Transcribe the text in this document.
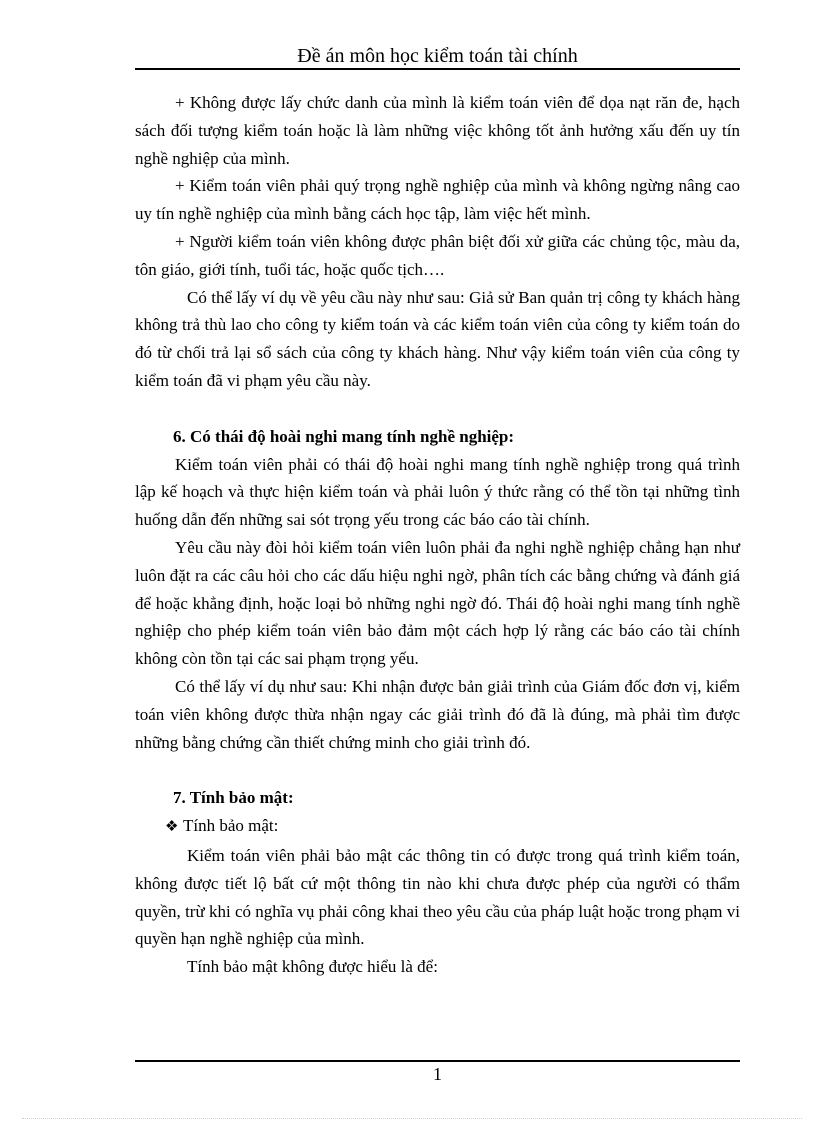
Đề án môn học kiểm toán tài chính

+ Không được lấy chức danh của mình là kiểm toán viên để dọa nạt răn đe, hạch sách đối tượng kiểm toán hoặc là làm những việc không tốt ảnh hưởng xấu đến uy tín nghề nghiệp của mình.

+ Kiểm toán viên phải quý trọng nghề nghiệp của mình và không ngừng nâng cao uy tín nghề nghiệp của mình bằng cách học tập, làm việc hết mình.

+ Người kiểm toán viên không được phân biệt đối xử giữa các chủng tộc, màu da, tôn giáo, giới tính, tuổi tác, hoặc quốc tịch….

Có thể lấy ví dụ về yêu cầu này như sau: Giả sử Ban quản trị công ty khách hàng không trả thù lao cho công ty kiểm toán và các kiểm toán viên của công ty kiểm toán do đó từ chối trả lại sổ sách của công ty khách hàng. Như vậy kiểm toán viên của công ty kiểm toán đã vi phạm yêu cầu này.

6. Có thái độ hoài nghi mang tính nghề nghiệp:

Kiểm toán viên phải có thái độ hoài nghi mang tính nghề nghiệp trong quá trình lập kế hoạch và thực hiện kiểm toán và phải luôn ý thức rằng có thể tồn tại những tình huống dẫn đến những sai sót trọng yếu trong các báo cáo tài chính.

Yêu cầu này đòi hỏi kiểm toán viên luôn phải đa nghi nghề nghiệp chẳng hạn như luôn đặt ra các câu hỏi cho các dấu hiệu nghi ngờ, phân tích các bằng chứng và đánh giá để hoặc khẳng định, hoặc loại bỏ những nghi ngờ đó. Thái độ hoài nghi mang tính nghề nghiệp cho phép kiểm toán viên bảo đảm một cách hợp lý rằng các báo cáo tài chính không còn tồn tại các sai phạm trọng yếu.

Có thể lấy ví dụ như sau: Khi nhận được bản giải trình của Giám đốc đơn vị, kiểm toán viên không được thừa nhận ngay các giải trình đó đã là đúng, mà phải tìm được những bằng chứng cần thiết chứng minh cho giải trình đó.

7. Tính bảo mật:

❖ Tính bảo mật:

Kiểm toán viên phải bảo mật các thông tin có được trong quá trình kiểm toán, không được tiết lộ bất cứ một thông tin nào khi chưa được phép của người có thẩm quyền, trừ khi có nghĩa vụ phải công khai theo yêu cầu của pháp luật hoặc trong phạm vi quyền hạn nghề nghiệp của mình.

Tính bảo mật không được hiểu là để:

1
